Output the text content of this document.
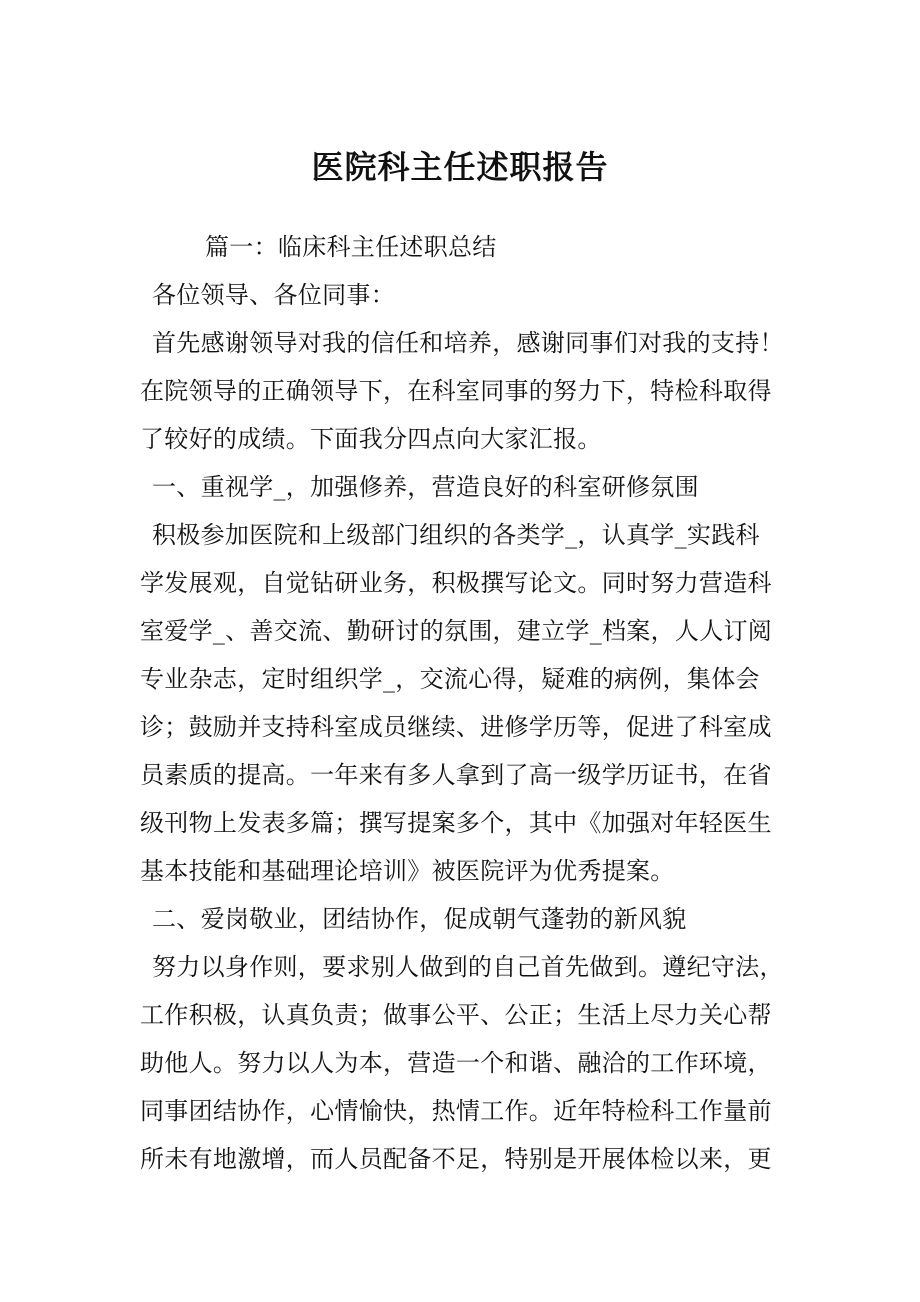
医院科主任述职报告

篇一：临床科主任述职总结

各位领导、各位同事：

首先感谢领导对我的信任和培养，感谢同事们对我的支持！

在院领导的正确领导下，在科室同事的努力下，特检科取得

了较好的成绩。下面我分四点向大家汇报。

一、重视学_，加强修养，营造良好的科室研修氛围

积极参加医院和上级部门组织的各类学_，认真学_实践科

学发展观，自觉钻研业务，积极撰写论文。同时努力营造科

室爱学_、善交流、勤研讨的氛围，建立学_档案，人人订阅

专业杂志，定时组织学_，交流心得，疑难的病例，集体会

诊；鼓励并支持科室成员继续、进修学历等，促进了科室成

员素质的提高。一年来有多人拿到了高一级学历证书，在省

级刊物上发表多篇；撰写提案多个，其中《加强对年轻医生

基本技能和基础理论培训》被医院评为优秀提案。

二、爱岗敬业，团结协作，促成朝气蓬勃的新风貌

努力以身作则，要求别人做到的自己首先做到。遵纪守法，

工作积极，认真负责；做事公平、公正；生活上尽力关心帮

助他人。努力以人为本，营造一个和谐、融洽的工作环境，

同事团结协作，心情愉快，热情工作。近年特检科工作量前

所未有地激增，而人员配备不足，特别是开展体检以来，更
